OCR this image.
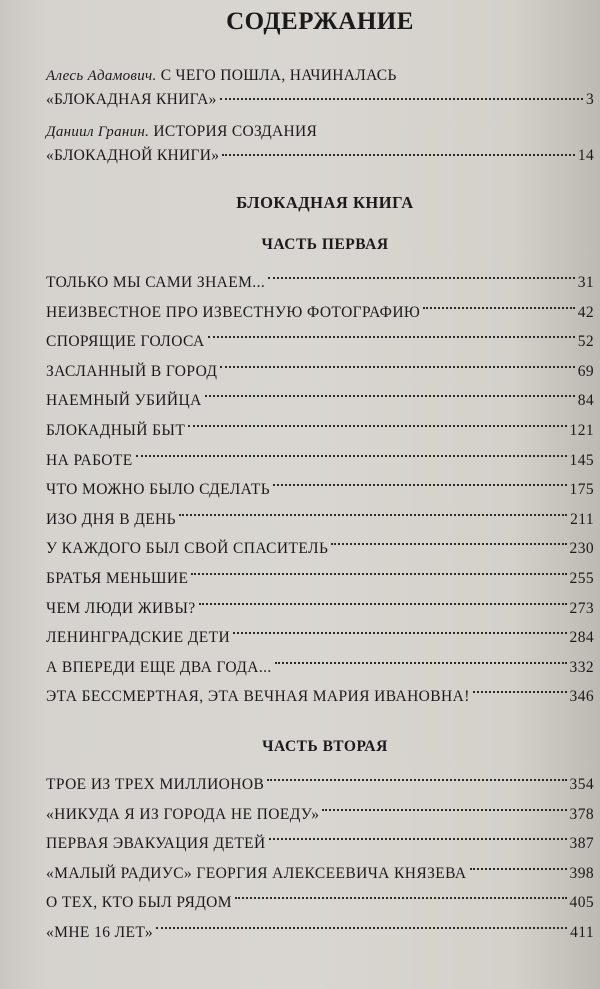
СОДЕРЖАНИЕ
Алесь Адамович. С ЧЕГО ПОШЛА, НАЧИНАЛАСЬ
«БЛОКАДНАЯ КНИГА»	3
Даниил Гранин. ИСТОРИЯ СОЗДАНИЯ
«БЛОКАДНОЙ КНИГИ»	14
БЛОКАДНАЯ КНИГА
ЧАСТЬ ПЕРВАЯ
ТОЛЬКО МЫ САМИ ЗНАЕМ...	31
НЕИЗВЕСТНОЕ ПРО ИЗВЕСТНУЮ ФОТОГРАФИЮ	42
СПОРЯЩИЕ ГОЛОСА	52
ЗАСЛАННЫЙ В ГОРОД	69
НАЕМНЫЙ УБИЙЦА	84
БЛОКАДНЫЙ БЫТ	121
НА РАБОТЕ	145
ЧТО МОЖНО БЫЛО СДЕЛАТЬ	175
ИЗО ДНЯ В ДЕНЬ	211
У КАЖДОГО БЫЛ СВОЙ СПАСИТЕЛЬ	230
БРАТЬЯ МЕНЬШИЕ	255
ЧЕМ ЛЮДИ ЖИВЫ?	273
ЛЕНИНГРАДСКИЕ ДЕТИ	284
А ВПЕРЕДИ ЕЩЕ ДВА ГОДА...	332
ЭТА БЕССМЕРТНАЯ, ЭТА ВЕЧНАЯ МАРИЯ ИВАНОВНА!	346
ЧАСТЬ ВТОРАЯ
ТРОЕ ИЗ ТРЕХ МИЛЛИОНОВ	354
«НИКУДА Я ИЗ ГОРОДА НЕ ПОЕДУ»	378
ПЕРВАЯ ЭВАКУАЦИЯ ДЕТЕЙ	387
«МАЛЫЙ РАДИУС» ГЕОРГИЯ АЛЕКСЕЕВИЧА КНЯЗЕВА	398
О ТЕХ, КТО БЫЛ РЯДОМ	405
«МНЕ 16 ЛЕТ»	411
